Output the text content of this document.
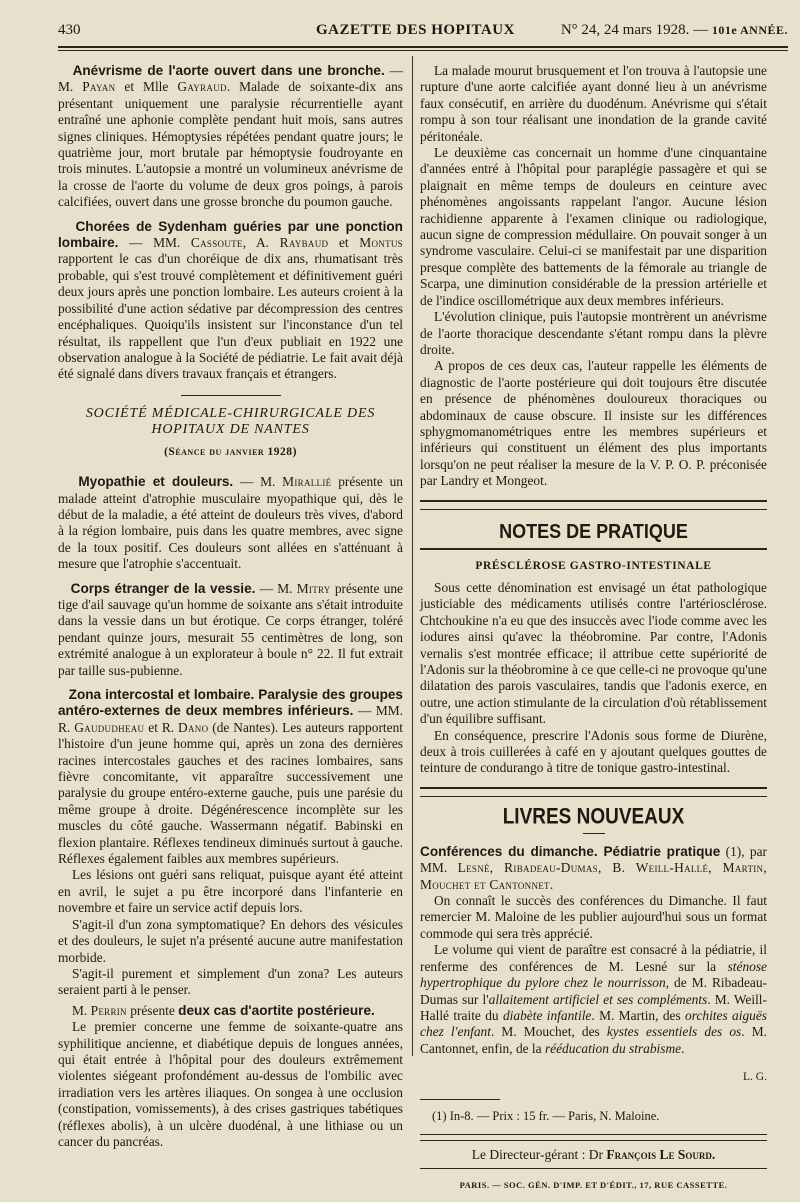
430	GAZETTE DES HOPITAUX	N° 24, 24 mars 1928. — 101e ANNÉE.

Anévrisme de l'aorte ouvert dans une bronche. — M. Payan et Mlle Gayraud. Malade de soixante-dix ans présentant uniquement une paralysie récurrentielle ayant entraîné une aphonie complète pendant huit mois, sans autres signes cliniques. Hémoptysies répétées pendant quatre jours; le quatrième jour, mort brutale par hémoptysie foudroyante en trois minutes. L'autopsie a montré un volumineux anévrisme de la crosse de l'aorte du volume de deux gros poings, à parois calcifiées, ouvert dans une grosse bronche du poumon gauche.

Chorées de Sydenham guéries par une ponction lombaire. — MM. Cassoute, A. Raybaud et Montus rapportent le cas d'un choréique de dix ans, rhumatisant très probable, qui s'est trouvé complètement et définitivement guéri deux jours après une ponction lombaire. Les auteurs croient à la possibilité d'une action sédative par décompression des centres encéphaliques. Quoiqu'ils insistent sur l'inconstance d'un tel résultat, ils rappellent que l'un d'eux publiait en 1922 une observation analogue à la Société de pédiatrie. Le fait avait déjà été signalé dans divers travaux français et étrangers.

SOCIÉTÉ MÉDICALE-CHIRURGICALE DES HOPITAUX DE NANTES

(Séance du janvier 1928)

Myopathie et douleurs. — M. Mirallié présente un malade atteint d'atrophie musculaire myopathique qui, dès le début de la maladie, a été atteint de douleurs très vives, d'abord à la région lombaire, puis dans les quatre membres, avec signe de la toux positif. Ces douleurs sont allées en s'atténuant à mesure que l'atrophie s'accentuait.

Corps étranger de la vessie. — M. Mitry présente une tige d'ail sauvage qu'un homme de soixante ans s'était introduite dans la vessie dans un but érotique. Ce corps étranger, toléré pendant quinze jours, mesurait 55 centimètres de long, son extrémité analogue à un explorateur à boule n° 22. Il fut extrait par taille sus-pubienne.

Zona intercostal et lombaire. Paralysie des groupes antéro-externes de deux membres inférieurs. — MM. R. Gaududheau et R. Dano (de Nantes). Les auteurs rapportent l'histoire d'un jeune homme qui, après un zona des dernières racines intercostales gauches et des racines lombaires, sans fièvre concomitante, vit apparaître successivement une paralysie du groupe entéro-externe gauche, puis une parésie du même groupe à droite. Dégénérescence incomplète sur les muscles du côté gauche. Wassermann négatif. Babinski en flexion plantaire. Réflexes tendineux diminués surtout à gauche. Réflexes également faibles aux membres supérieurs.

Les lésions ont guéri sans reliquat, puisque ayant été atteint en avril, le sujet a pu être incorporé dans l'infanterie en novembre et faire un service actif depuis lors.

S'agit-il d'un zona symptomatique? En dehors des vésicules et des douleurs, le sujet n'a présenté aucune autre manifestation morbide.

S'agit-il purement et simplement d'un zona? Les auteurs seraient parti à le penser.

M. Perrin présente deux cas d'aortite postérieure.

Le premier concerne une femme de soixante-quatre ans syphilitique ancienne, et diabétique depuis de longues années, qui était entrée à l'hôpital pour des douleurs extrêmement violentes siégeant profondément au-dessus de l'ombilic avec irradiation vers les artères iliaques. On songea à une occlusion (constipation, vomissements), à des crises gastriques tabétiques (réflexes abolis), à un ulcère duodénal, à une lithiase ou un cancer du pancréas.

La malade mourut brusquement et l'on trouva à l'autopsie une rupture d'une aorte calcifiée ayant donné lieu à un anévrisme faux consécutif, en arrière du duodénum. Anévrisme qui s'était rompu à son tour réalisant une inondation de la grande cavité péritonéale.

Le deuxième cas concernait un homme d'une cinquantaine d'années entré à l'hôpital pour paraplégie passagère et qui se plaignait en même temps de douleurs en ceinture avec phénomènes angoissants rappelant l'angor. Aucune lésion rachidienne apparente à l'examen clinique ou radiologique, aucun signe de compression médullaire. On pouvait songer à un syndrome vasculaire. Celui-ci se manifestait par une disparition presque complète des battements de la fémorale au triangle de Scarpa, une diminution considérable de la pression artérielle et de l'indice oscillométrique aux deux membres inférieurs.

L'évolution clinique, puis l'autopsie montrèrent un anévrisme de l'aorte thoracique descendante s'étant rompu dans la plèvre droite.

A propos de ces deux cas, l'auteur rappelle les éléments de diagnostic de l'aorte postérieure qui doit toujours être discutée en présence de phénomènes douloureux thoraciques ou abdominaux de cause obscure. Il insiste sur les différences sphygmomanométriques entre les membres supérieurs et inférieurs qui constituent un élément des plus importants lorsqu'on ne peut réaliser la mesure de la V. P. O. P. préconisée par Landry et Mongeot.

NOTES DE PRATIQUE

PRÉSCLÉROSE GASTRO-INTESTINALE

Sous cette dénomination est envisagé un état pathologique justiciable des médicaments utilisés contre l'artériosclérose. Chtchoukine n'a eu que des insuccès avec l'iode comme avec les iodures ainsi qu'avec la théobromine. Par contre, l'Adonis vernalis s'est montrée efficace; il attribue cette supériorité de l'Adonis sur la théobromine à ce que celle-ci ne provoque qu'une dilatation des parois vasculaires, tandis que l'adonis exerce, en outre, une action stimulante de la circulation d'où rétablissement d'un équilibre suffisant.

En conséquence, prescrire l'Adonis sous forme de Diurène, deux à trois cuillerées à café en y ajoutant quelques gouttes de teinture de condurango à titre de tonique gastro-intestinal.

LIVRES NOUVEAUX

Conférences du dimanche. Pédiatrie pratique (1), par MM. Lesné, Ribadeau-Dumas, B. Weill-Hallé, Martin, Mouchet et Cantonnet.

On connaît le succès des conférences du Dimanche. Il faut remercier M. Maloine de les publier aujourd'hui sous un format commode qui sera très apprécié.

Le volume qui vient de paraître est consacré à la pédiatrie, il renferme des conférences de M. Lesné sur la sténose hypertrophique du pylore chez le nourrisson, de M. Ribadeau-Dumas sur l'allaitement artificiel et ses compléments. M. Weill-Hallé traite du diabète infantile. M. Martin, des orchites aiguës chez l'enfant. M. Mouchet, des kystes essentiels des os. M. Cantonnet, enfin, de la rééducation du strabisme.

L. G.

(1) In-8. — Prix : 15 fr. — Paris, N. Maloine.

Le Directeur-gérant : Dr François Le Sourd.

PARIS. — SOC. GÉN. D'IMP. ET D'ÉDIT., 17, RUE CASSETTE.
